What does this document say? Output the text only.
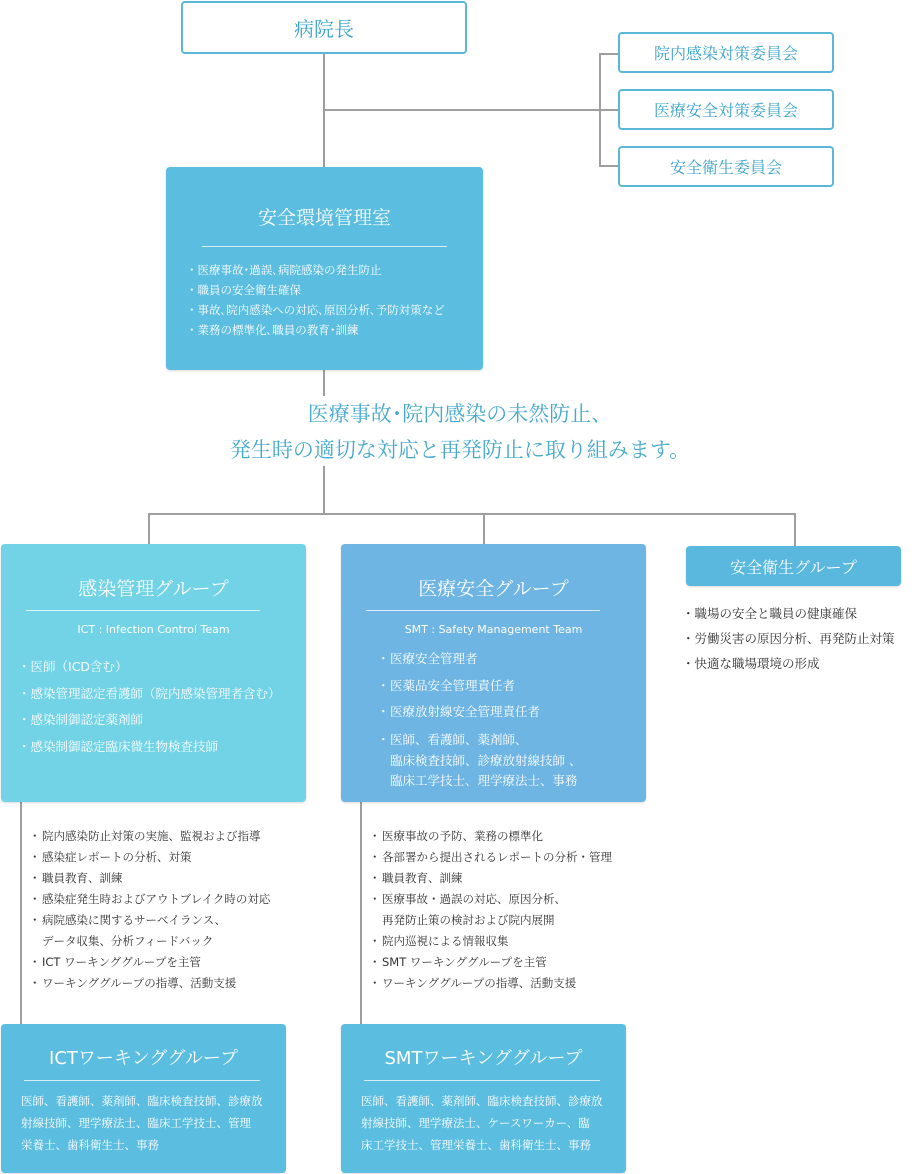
病院長
院内感染対策委員会
医療安全対策委員会
安全衛生委員会
安全環境管理室
・ 医療事故･過誤､病院感染の発生防止
・ 職員の安全衛生確保
・ 事故､院内感染への対応､原因分析､予防対策など
・ 業務の標準化､職員の教育･訓練
医療事故･院内感染の未然防止、
発生時の適切な対応と再発防止に取り組みます。
感染管理グループ
ICT : Infection Control Team
・ 医師（ICD含む）
・ 感染管理認定看護師（院内感染管理者含む）
・ 感染制御認定薬剤師
・ 感染制御認定臨床微生物検査技師
医療安全グループ
SMT : Safety Management Team
・ 医療安全管理者
・ 医薬品安全管理責任者
・ 医療放射線安全管理責任者
・ 医師、看護師、薬剤師、
臨床検査技師、診療放射線技師 、
臨床工学技士、理学療法士、事務
安全衛生グループ
・ 職場の安全と職員の健康確保
・ 労働災害の原因分析、再発防止対策
・ 快適な職場環境の形成
・ 院内感染防止対策の実施、監視および指導
・ 感染症レポートの分析、対策
・ 職員教育、訓練
・ 感染症発生時およびアウトブレイク時の対応
・ 病院感染に関するサーベイランス、
データ収集、分析フィードバック
・ ICT ワーキンググループを主管
・ ワーキンググループの指導、活動支援
・ 医療事故の予防、業務の標準化
・ 各部署から提出されるレポートの分析・管理
・ 職員教育、訓練
・ 医療事故・過誤の対応、原因分析、
再発防止策の検討および院内展開
・ 院内巡視による情報収集
・ SMT ワーキンググループを主管
・ ワーキンググループの指導、活動支援
ICTワーキンググループ
医師、看護師、薬剤師、臨床検査技師、診療放
射線技師、理学療法士、臨床工学技士、管理
栄養士、歯科衛生士、事務
SMTワーキンググループ
医師、看護師、薬剤師、臨床検査技師、診療放
射線技師、理学療法士、ケースワーカー、臨
床工学技士、管理栄養士、歯科衛生士、事務
